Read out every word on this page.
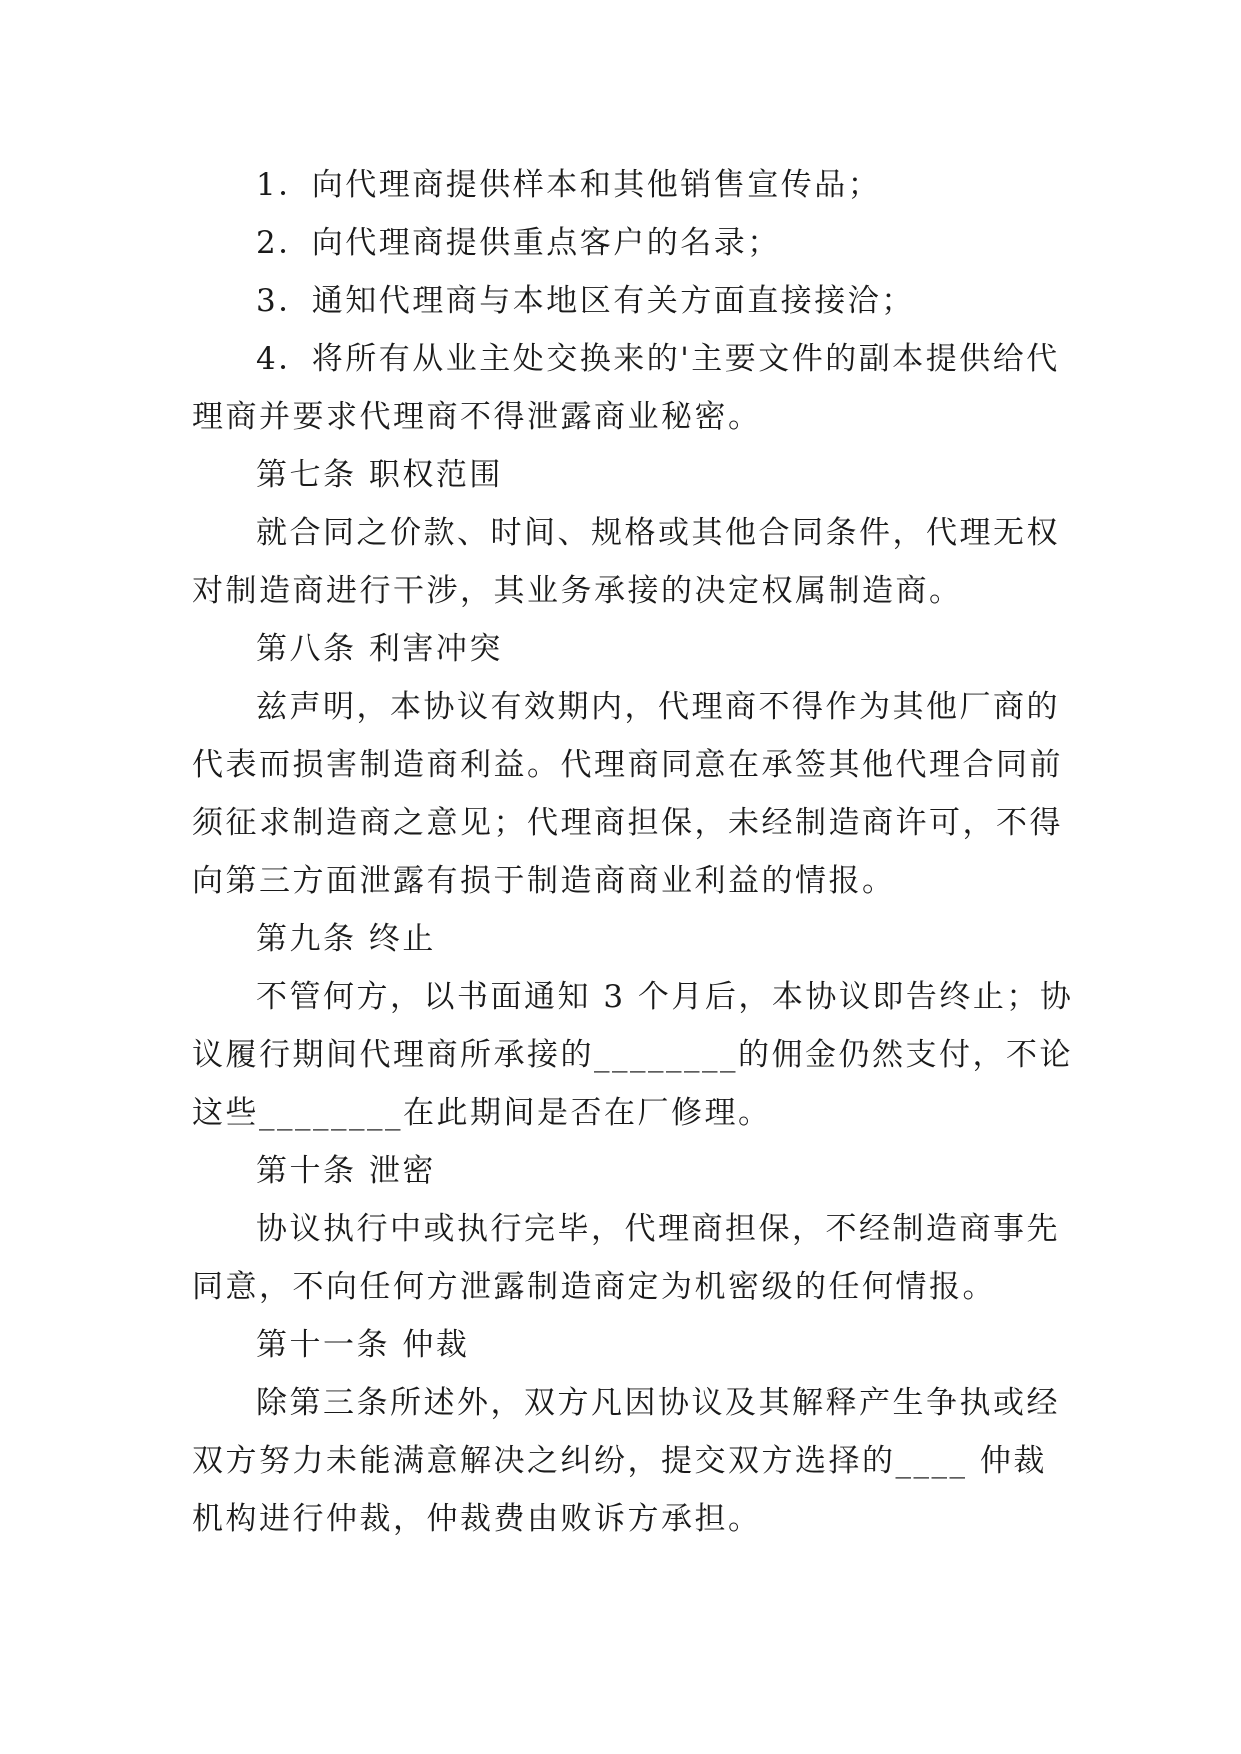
1．向代理商提供样本和其他销售宣传品；
2．向代理商提供重点客户的名录；
3．通知代理商与本地区有关方面直接接洽；
4．将所有从业主处交换来的'主要文件的副本提供给代
理商并要求代理商不得泄露商业秘密。
第七条 职权范围
就合同之价款、时间、规格或其他合同条件，代理无权
对制造商进行干涉，其业务承接的决定权属制造商。
第八条 利害冲突
兹声明，本协议有效期内，代理商不得作为其他厂商的
代表而损害制造商利益。代理商同意在承签其他代理合同前
须征求制造商之意见；代理商担保，未经制造商许可，不得
向第三方面泄露有损于制造商商业利益的情报。
第九条 终止
不管何方，以书面通知 3 个月后，本协议即告终止；协
议履行期间代理商所承接的________的佣金仍然支付，不论
这些________在此期间是否在厂修理。
第十条 泄密
协议执行中或执行完毕，代理商担保，不经制造商事先
同意，不向任何方泄露制造商定为机密级的任何情报。
第十一条 仲裁
除第三条所述外，双方凡因协议及其解释产生争执或经
双方努力未能满意解决之纠纷，提交双方选择的____ 仲裁
机构进行仲裁，仲裁费由败诉方承担。
